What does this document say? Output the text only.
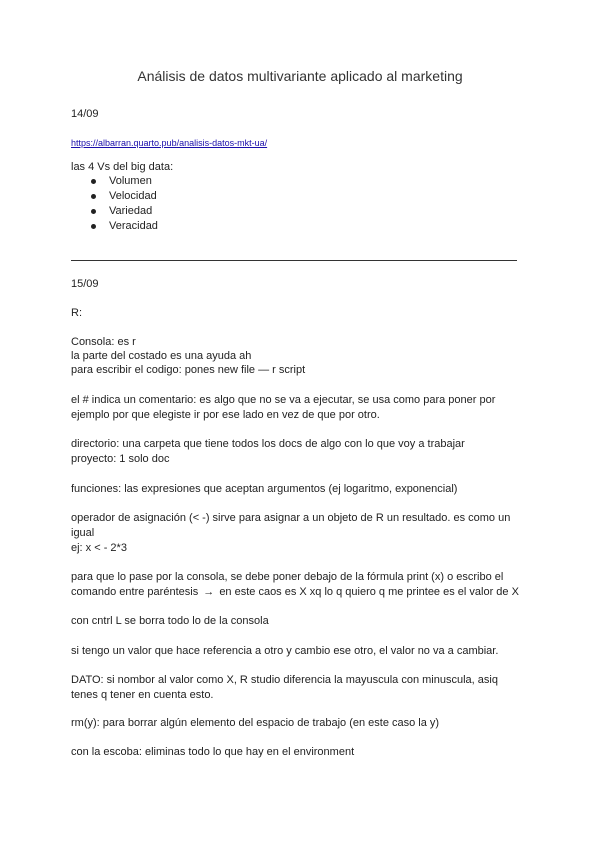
Análisis de datos multivariante aplicado al marketing

14/09

https://albarran.quarto.pub/analisis-datos-mkt-ua/

las 4 Vs del big data:

Volumen
Velocidad
Variedad
Veracidad

15/09

R:

Consola: es r

la parte del costado es una ayuda ah

para escribir el codigo: pones new file — r script

el # indica un comentario: es algo que no se va a ejecutar, se usa como para poner por

ejemplo por que elegiste ir por ese lado en vez de que por otro.

directorio: una carpeta que tiene todos los docs de algo con lo que voy a trabajar

proyecto: 1 solo doc

funciones: las expresiones que aceptan argumentos (ej logaritmo, exponencial)

operador de asignación (< -) sirve para asignar a un objeto de R un resultado. es como un

igual

ej: x < - 2*3

para que lo pase por la consola, se debe poner debajo de la fórmula print (x) o escribo el

comando entre paréntesis → en este caos es X xq lo q quiero q me printee es el valor de X

con cntrl L se borra todo lo de la consola

si tengo un valor que hace referencia a otro y cambio ese otro, el valor no va a cambiar.

DATO: si nombor al valor como X, R studio diferencia la mayuscula con minuscula, asiq

tenes q tener en cuenta esto.

rm(y): para borrar algún elemento del espacio de trabajo (en este caso la y)

con la escoba: eliminas todo lo que hay en el environment
